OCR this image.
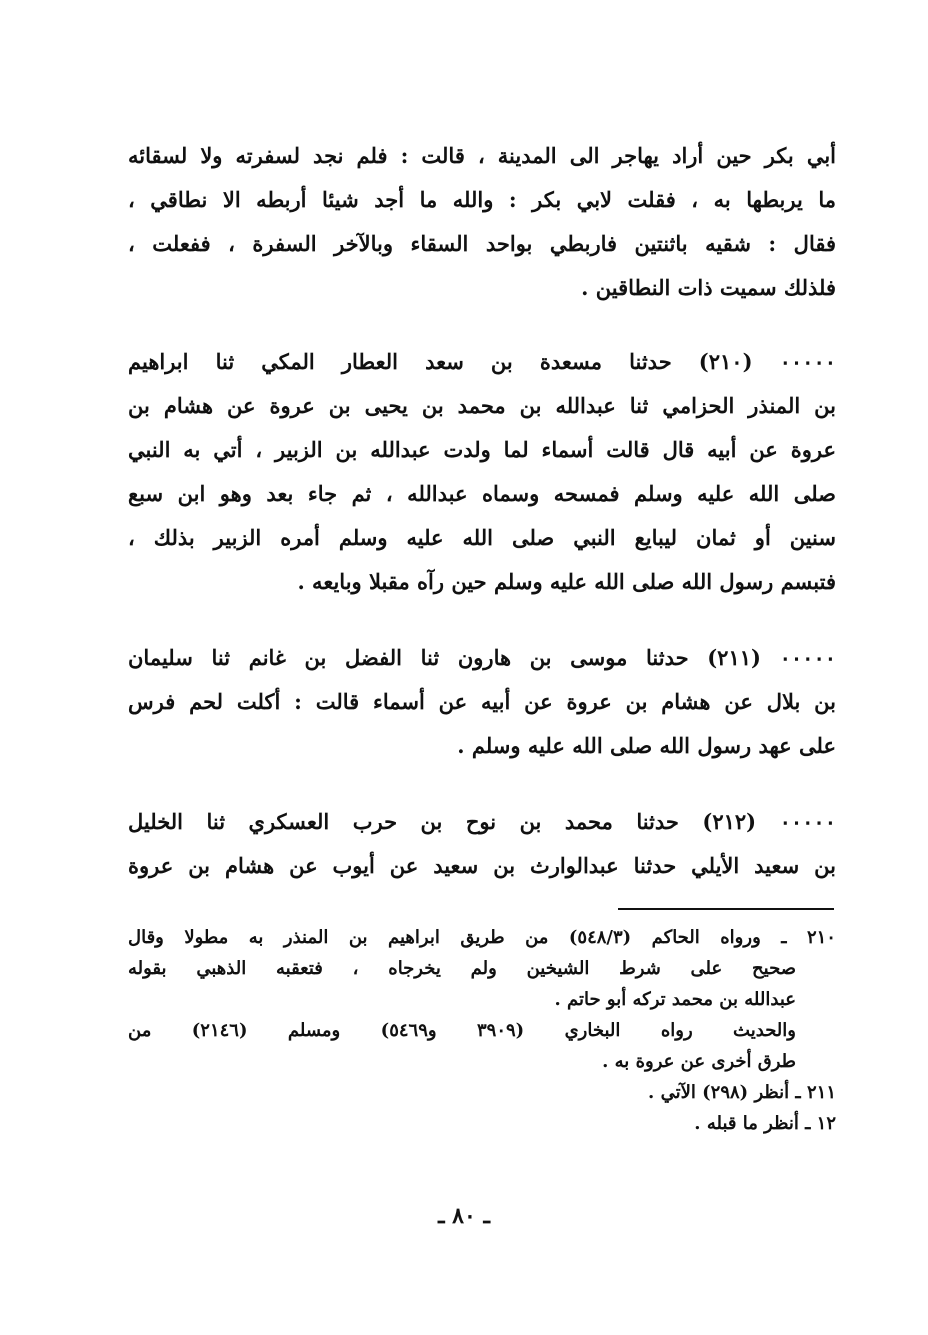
أبي بكر حين أراد يهاجر الى المدينة ، قالت : فلم نجد لسفرته ولا لسقائه
ما يربطها به ، فقلت لابي بكر : والله ما أجد شيئا أربطه الا نطاقي ،
فقال : شقيه باثنتين فاربطي بواحد السقاء وبالآخر السفرة ، ففعلت ،
فلذلك سميت ذات النطاقين .
٠٠٠٠٠ (٢١٠) حدثنا مسعدة بن سعد العطار المكي ثنا ابراهيم
بن المنذر الحزامي ثنا عبدالله بن محمد بن يحيى بن عروة عن هشام بن
عروة عن أبيه قال قالت أسماء لما ولدت عبدالله بن الزبير ، أتي به النبي
صلى الله عليه وسلم فمسحه وسماه عبدالله ، ثم جاء بعد وهو ابن سبع
سنين أو ثمان ليبايع النبي صلى الله عليه وسلم أمره الزبير بذلك ،
فتبسم رسول الله صلى الله عليه وسلم حين رآه مقبلا وبايعه .
٠٠٠٠٠ (٢١١) حدثنا موسى بن هارون ثنا الفضل بن غانم ثنا سليمان
بن بلال عن هشام بن عروة عن أبيه عن أسماء قالت : أكلت لحم فرس
على عهد رسول الله صلى الله عليه وسلم .
٠٠٠٠٠ (٢١٢) حدثنا محمد بن نوح بن حرب العسكري ثنا الخليل
بن سعيد الأيلي حدثنا عبدالوارث بن سعيد عن أيوب عن هشام بن عروة
٢١٠ ـ ورواه الحاكم (٥٤٨/٣) من طريق ابراهيم بن المنذر به مطولا وقال
صحيح على شرط الشيخين ولم يخرجاه ، فتعقبه الذهبي بقوله
عبدالله بن محمد تركه أبو حاتم .
والحديث رواه البخاري (٣٩٠٩ و٥٤٦٩) ومسلم (٢١٤٦) من
طرق أخرى عن عروة به .
٢١١ ـ أنظر (٢٩٨) الآتي .
١٢ ـ أنظر ما قبله .
ـ ٨٠ ـ
